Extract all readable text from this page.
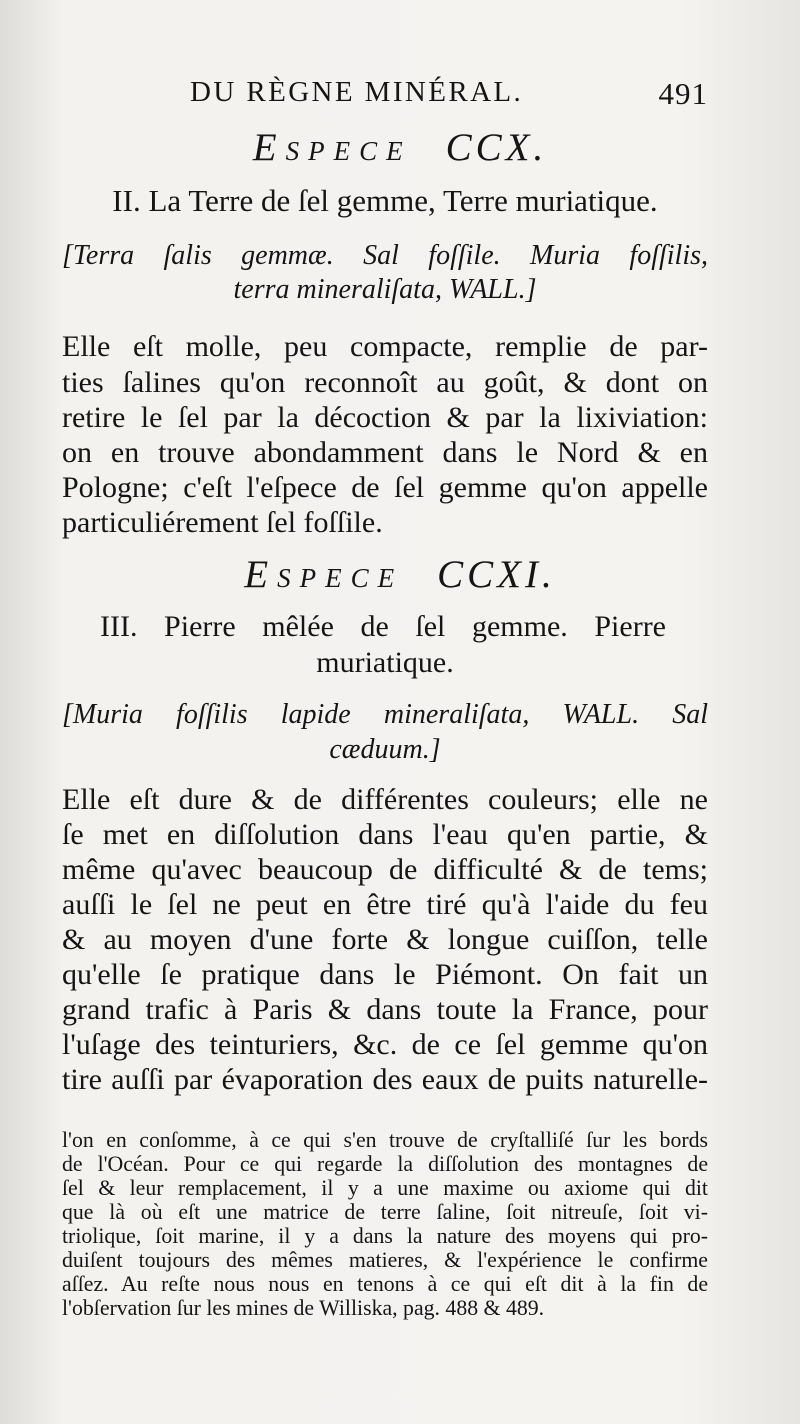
DU RÈGNE MINÉRAL.	491
Espece CCX.
II. La Terre de ſel gemme, Terre muriatique.
[Terra ſalis gemmæ. Sal foſſile. Muria foſſilis,
terra mineraliſata, WALL.]
Elle eſt molle, peu compacte, remplie de par-
ties ſalines qu'on reconnoît au goût, & dont on
retire le ſel par la décoction & par la lixiviation:
on en trouve abondamment dans le Nord & en
Pologne; c'eſt l'eſpece de ſel gemme qu'on appelle
particuliérement ſel foſſile.
Espece CCXI.
III. Pierre mêlée de ſel gemme. Pierre
muriatique.
[Muria foſſilis lapide mineraliſata, WALL. Sal
cæduum.]
Elle eſt dure & de différentes couleurs; elle ne
ſe met en diſſolution dans l'eau qu'en partie, &
même qu'avec beaucoup de difficulté & de tems;
auſſi le ſel ne peut en être tiré qu'à l'aide du feu
& au moyen d'une forte & longue cuiſſon, telle
qu'elle ſe pratique dans le Piémont. On fait un
grand trafic à Paris & dans toute la France, pour
l'uſage des teinturiers, &c. de ce ſel gemme qu'on
tire auſſi par évaporation des eaux de puits naturelle-
l'on en conſomme, à ce qui s'en trouve de cryſtalliſé ſur les bords
de l'Océan. Pour ce qui regarde la diſſolution des montagnes de
ſel & leur remplacement, il y a une maxime ou axiome qui dit
que là où eſt une matrice de terre ſaline, ſoit nitreuſe, ſoit vi-
triolique, ſoit marine, il y a dans la nature des moyens qui pro-
duiſent toujours des mêmes matieres, & l'expérience le confirme
aſſez. Au reſte nous nous en tenons à ce qui eſt dit à la fin de
l'obſervation ſur les mines de Williska, pag. 488 & 489.
